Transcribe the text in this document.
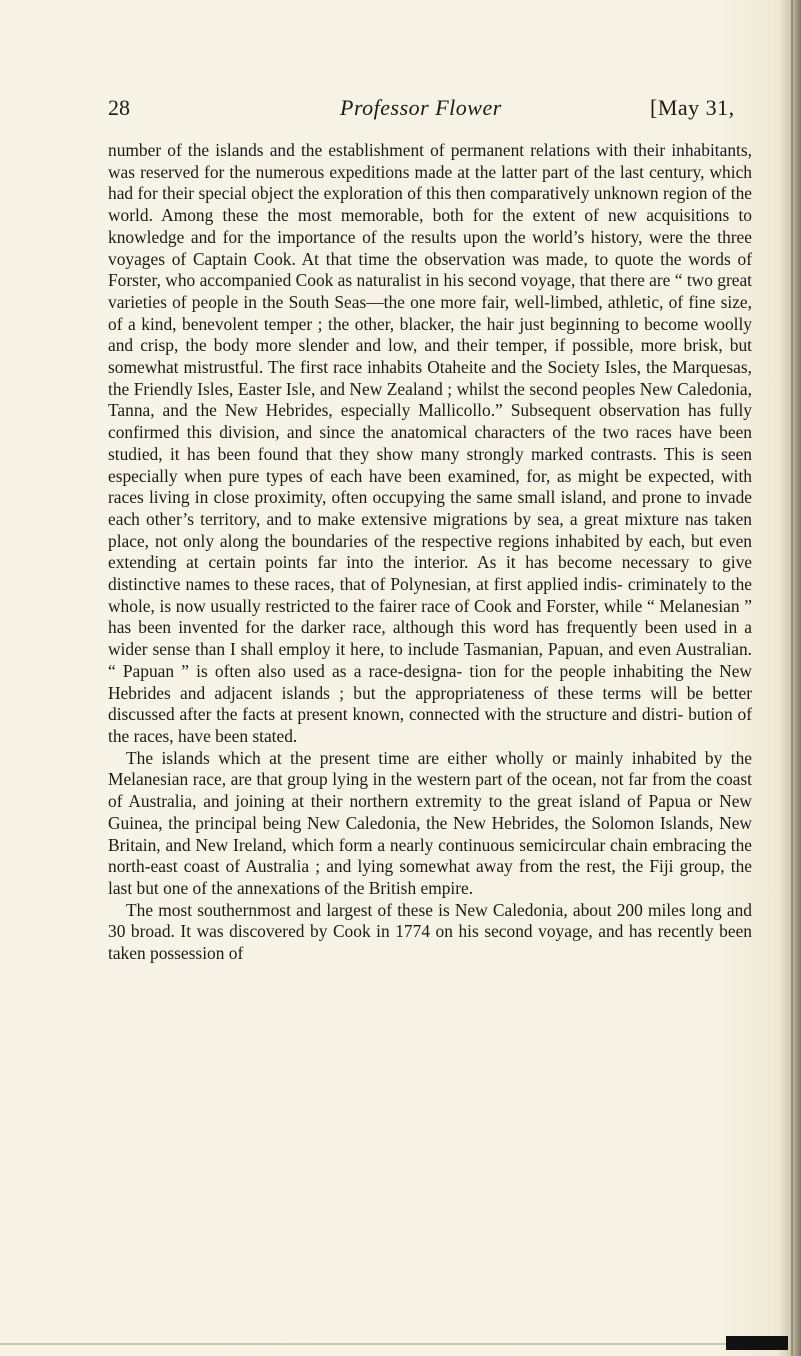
28	Professor Flower	[May 31,

number of the islands and the establishment of permanent relations with their inhabitants, was reserved for the numerous expeditions made at the latter part of the last century, which had for their special object the exploration of this then comparatively unknown region of the world. Among these the most memorable, both for the extent of new acquisitions to knowledge and for the importance of the results upon the world’s history, were the three voyages of Captain Cook. At that time the observation was made, to quote the words of Forster, who accompanied Cook as naturalist in his second voyage, that there are “ two great varieties of people in the South Seas—the one more fair, well-limbed, athletic, of fine size, of a kind, benevolent temper ; the other, blacker, the hair just beginning to become woolly and crisp, the body more slender and low, and their temper, if possible, more brisk, but somewhat mistrustful. The first race inhabits Otaheite and the Society Isles, the Marquesas, the Friendly Isles, Easter Isle, and New Zealand ; whilst the second peoples New Caledonia, Tanna, and the New Hebrides, especially Mallicollo.” Subsequent observation has fully confirmed this division, and since the anatomical characters of the two races have been studied, it has been found that they show many strongly marked contrasts. This is seen especially when pure types of each have been examined, for, as might be expected, with races living in close proximity, often occupying the same small island, and prone to invade each other’s territory, and to make extensive migrations by sea, a great mixture nas taken place, not only along the boundaries of the respective regions inhabited by each, but even extending at certain points far into the interior. As it has become necessary to give distinctive names to these races, that of Polynesian, at first applied indis- criminately to the whole, is now usually restricted to the fairer race of Cook and Forster, while “ Melanesian ” has been invented for the darker race, although this word has frequently been used in a wider sense than I shall employ it here, to include Tasmanian, Papuan, and even Australian. “ Papuan ” is often also used as a race-designa- tion for the people inhabiting the New Hebrides and adjacent islands ; but the appropriateness of these terms will be better discussed after the facts at present known, connected with the structure and distri- bution of the races, have been stated.

The islands which at the present time are either wholly or mainly inhabited by the Melanesian race, are that group lying in the western part of the ocean, not far from the coast of Australia, and joining at their northern extremity to the great island of Papua or New Guinea, the principal being New Caledonia, the New Hebrides, the Solomon Islands, New Britain, and New Ireland, which form a nearly continuous semicircular chain embracing the north-east coast of Australia ; and lying somewhat away from the rest, the Fiji group, the last but one of the annexations of the British empire.

The most southernmost and largest of these is New Caledonia, about 200 miles long and 30 broad. It was discovered by Cook in 1774 on his second voyage, and has recently been taken possession of
